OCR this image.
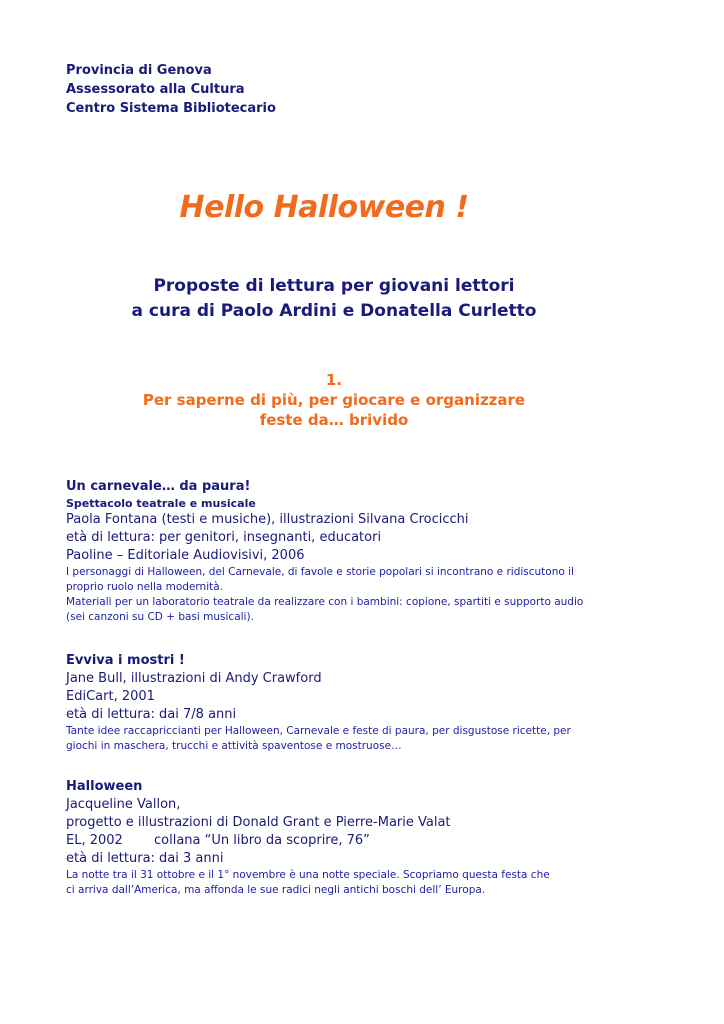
Provincia di Genova
Assessorato alla Cultura
Centro Sistema Bibliotecario
Hello Halloween !
Proposte di lettura per giovani lettori
a cura di Paolo Ardini e Donatella Curletto
1.
Per saperne di più, per giocare e organizzare
feste da… brivido
Un carnevale… da paura!
Spettacolo teatrale e musicale
Paola Fontana (testi e musiche), illustrazioni Silvana Crocicchi
età di lettura: per genitori, insegnanti, educatori
Paoline – Editoriale Audiovisivi, 2006
I personaggi di Halloween, del Carnevale, di favole e storie popolari si incontrano e ridiscutono il
proprio ruolo nella modernità.
Materiali per un laboratorio teatrale da realizzare con i bambini: copione, spartiti e supporto audio
(sei canzoni su CD + basi musicali).
Evviva i mostri !
Jane Bull, illustrazioni di Andy Crawford
EdiCart, 2001
età di lettura: dai 7/8 anni
Tante idee raccapriccianti per Halloween, Carnevale e feste di paura, per disgustose ricette, per
giochi in maschera, trucchi e attività spaventose e mostruose…
Halloween
Jacqueline Vallon,
progetto e illustrazioni di Donald Grant e Pierre-Marie Valat
EL, 2002 collana “Un libro da scoprire, 76”
età di lettura: dai 3 anni
La notte tra il 31 ottobre e il 1° novembre è una notte speciale. Scopriamo questa festa che
ci arriva dall’America, ma affonda le sue radici negli antichi boschi dell’ Europa.
